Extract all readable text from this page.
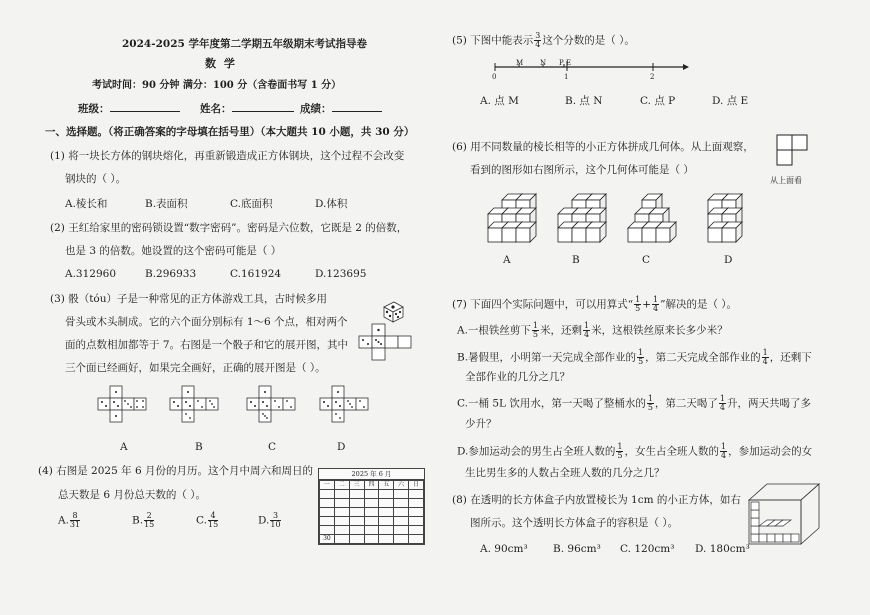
2024-2025 学年度第二学期五年级期末考试指导卷
数 学
考试时间：90 分钟 满分：100 分（含卷面书写 1 分）
班级：	姓名：	成绩：
一、选择题。（将正确答案的字母填在括号里）（本大题共 10 小题，共 30 分）
(1) 将一块长方体的钢块熔化，再重新锻造成正方体钢块，这个过程不会改变
钢块的（ ）。
A.棱长和	B.表面积	C.底面积	D.体积
(2) 王红给家里的密码锁设置“数字密码”。密码是六位数，它既是 2 的倍数，
也是 3 的倍数。她设置的这个密码可能是（ ）
A.312960	B.296933	C.161924	D.123695
(3) 骰（tóu）子是一种常见的正方体游戏工具，古时候多用
骨头或木头制成。它的六个面分别标有 1～6 个点，相对两个
面的点数相加都等于 7。右图是一个骰子和它的展开图，其中
三个面已经画好，如果完全画好，正确的展开图是（ ）。
A	B	C	D
(4) 右图是 2025 年 6 月份的月历。这个月中周六和周日的
总天数是 6 月份总天数的（ ）。
A. $\frac{8}{31}$	B. $\frac{2}{15}$	C. $\frac{4}{15}$	D. $\frac{3}{10}$
2025 年 6 月
一	二	三	四	五	六	日

30						
(5) 下图中能表示 $\frac{3}{4}$ 这个分数的是（ ）。
0	1	2
M N P E
A. 点 M	B. 点 N	C. 点 P	D. 点 E
(6) 用不同数量的棱长相等的小正方体拼成几何体。从上面观察，
看到的图形如右图所示，这个几何体可能是（ ）
从上面看
A	B	C	D
(7) 下面四个实际问题中，可以用算式“ $\frac{1}{5} + \frac{1}{4}$ ”解决的是（ ）。
A.一根铁丝剪下 $\frac{1}{5}$ 米，还剩 $\frac{1}{4}$ 米，这根铁丝原来长多少米？
B.暑假里，小明第一天完成全部作业的 $\frac{1}{5}$ ，第二天完成全部作业的 $\frac{1}{4}$ ，还剩下
全部作业的几分之几？
C.一桶 5L 饮用水，第一天喝了整桶水的 $\frac{1}{5}$ ，第二天喝了 $\frac{1}{4}$ 升，两天共喝了多
少升？
D.参加运动会的男生占全班人数的 $\frac{1}{5}$ ，女生占全班人数的 $\frac{1}{4}$ ，参加运动会的女
生比男生多的人数占全班人数的几分之几？
(8) 在透明的长方体盒子内放置棱长为 1cm 的小正方体，如右
图所示。这个透明长方体盒子的容积是（ ）。
A. 90cm³ B. 96cm³ C. 120cm³ D. 180cm³
